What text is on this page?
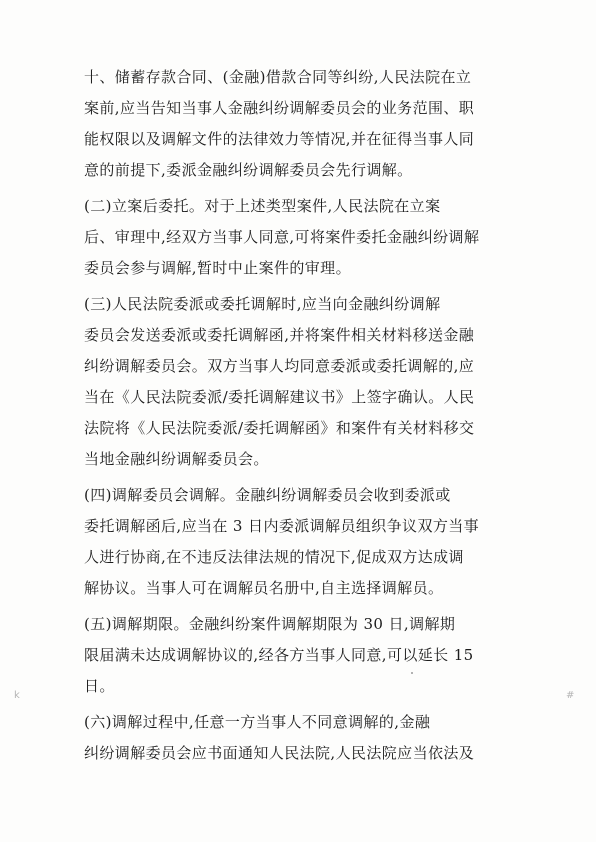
十、储蓄存款合同、(金融)借款合同等纠纷,人民法院在立
案前,应当告知当事人金融纠纷调解委员会的业务范围、职
能权限以及调解文件的法律效力等情况,并在征得当事人同
意的前提下,委派金融纠纷调解委员会先行调解。
(二)立案后委托。对于上述类型案件,人民法院在立案
后、审理中,经双方当事人同意,可将案件委托金融纠纷调解
委员会参与调解,暂时中止案件的审理。
(三)人民法院委派或委托调解时,应当向金融纠纷调解
委员会发送委派或委托调解函,并将案件相关材料移送金融
纠纷调解委员会。双方当事人均同意委派或委托调解的,应
当在《人民法院委派/委托调解建议书》上签字确认。人民
法院将《人民法院委派/委托调解函》和案件有关材料移交
当地金融纠纷调解委员会。
(四)调解委员会调解。金融纠纷调解委员会收到委派或
委托调解函后,应当在 3 日内委派调解员组织争议双方当事
人进行协商,在不违反法律法规的情况下,促成双方达成调
解协议。当事人可在调解员名册中,自主选择调解员。
(五)调解期限。金融纠纷案件调解期限为 30 日,调解期
限届满未达成调解协议的,经各方当事人同意,可以延长 15
日。
(六)调解过程中,任意一方当事人不同意调解的,金融
纠纷调解委员会应书面通知人民法院,人民法院应当依法及
k	#
